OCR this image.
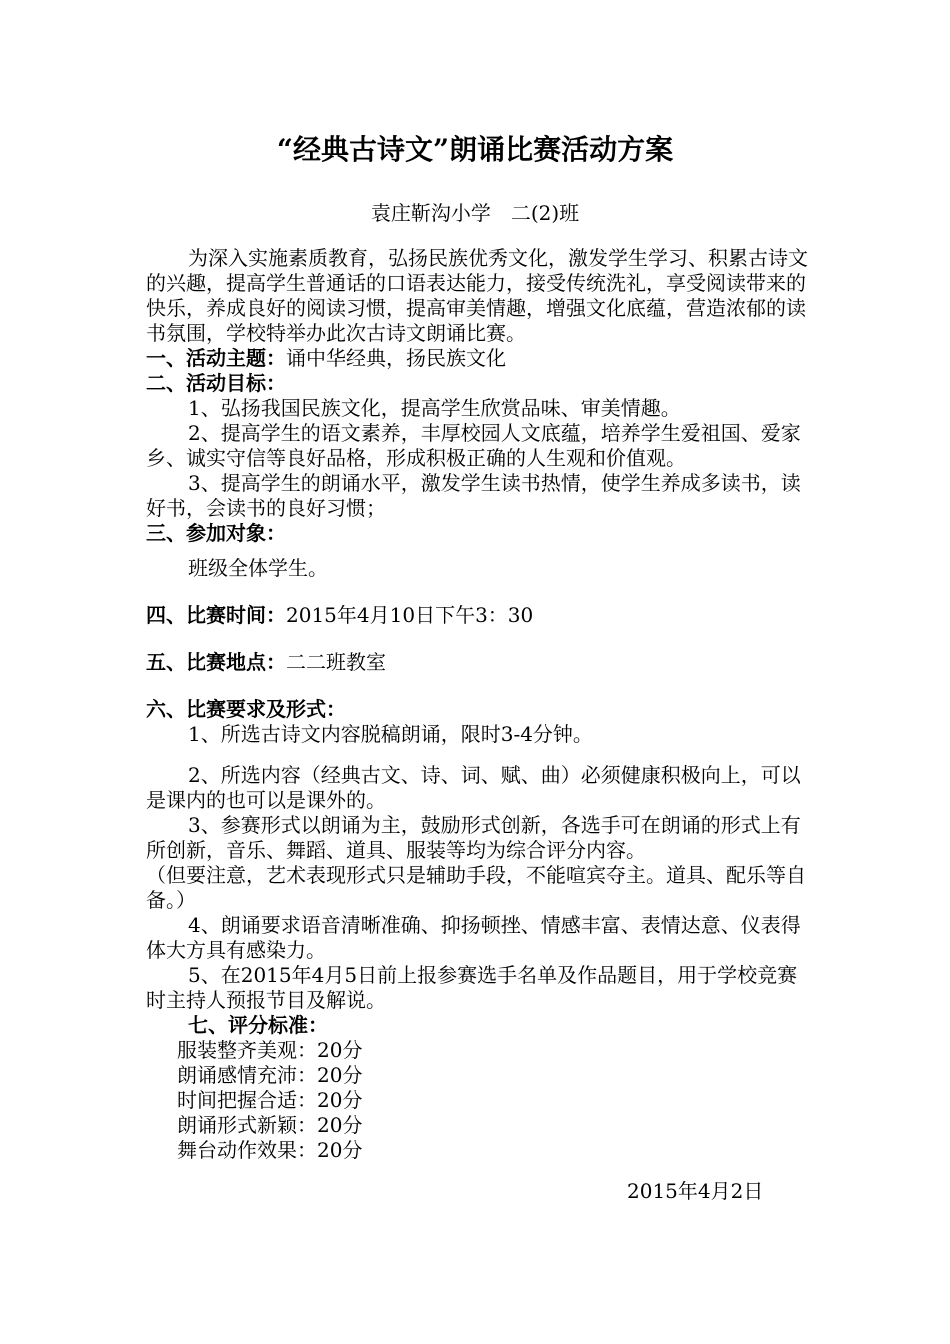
“经典古诗文”朗诵比赛活动方案
袁庄靳沟小学　二(2)班

为深入实施素质教育，弘扬民族优秀文化，激发学生学习、积累古诗文的兴趣，提高学生普通话的口语表达能力，接受传统洗礼，享受阅读带来的快乐，养成良好的阅读习惯，提高审美情趣，增强文化底蕴，营造浓郁的读书氛围，学校特举办此次古诗文朗诵比赛。

一、活动主题：诵中华经典，扬民族文化

二、活动目标：

1、弘扬我国民族文化，提高学生欣赏品味、审美情趣。

2、提高学生的语文素养，丰厚校园人文底蕴，培养学生爱祖国、爱家乡、诚实守信等良好品格，形成积极正确的人生观和价值观。

3、提高学生的朗诵水平，激发学生读书热情，使学生养成多读书，读好书，会读书的良好习惯；

三、参加对象：

班级全体学生。

四、比赛时间：2015年4月10日下午3：30

五、比赛地点：二二班教室

六、比赛要求及形式：

1、所选古诗文内容脱稿朗诵，限时3-4分钟。

2、所选内容（经典古文、诗、词、赋、曲）必须健康积极向上，可以是课内的也可以是课外的。

3、参赛形式以朗诵为主，鼓励形式创新，各选手可在朗诵的形式上有所创新，音乐、舞蹈、道具、服装等均为综合评分内容。

（但要注意，艺术表现形式只是辅助手段，不能喧宾夺主。道具、配乐等自备。）

4、朗诵要求语音清晰准确、抑扬顿挫、情感丰富、表情达意、仪表得体大方具有感染力。

5、在2015年4月5日前上报参赛选手名单及作品题目，用于学校竞赛时主持人预报节目及解说。

七、评分标准：

服装整齐美观：20分

朗诵感情充沛：20分

时间把握合适：20分

朗诵形式新颖：20分

舞台动作效果：20分

2015年4月2日
